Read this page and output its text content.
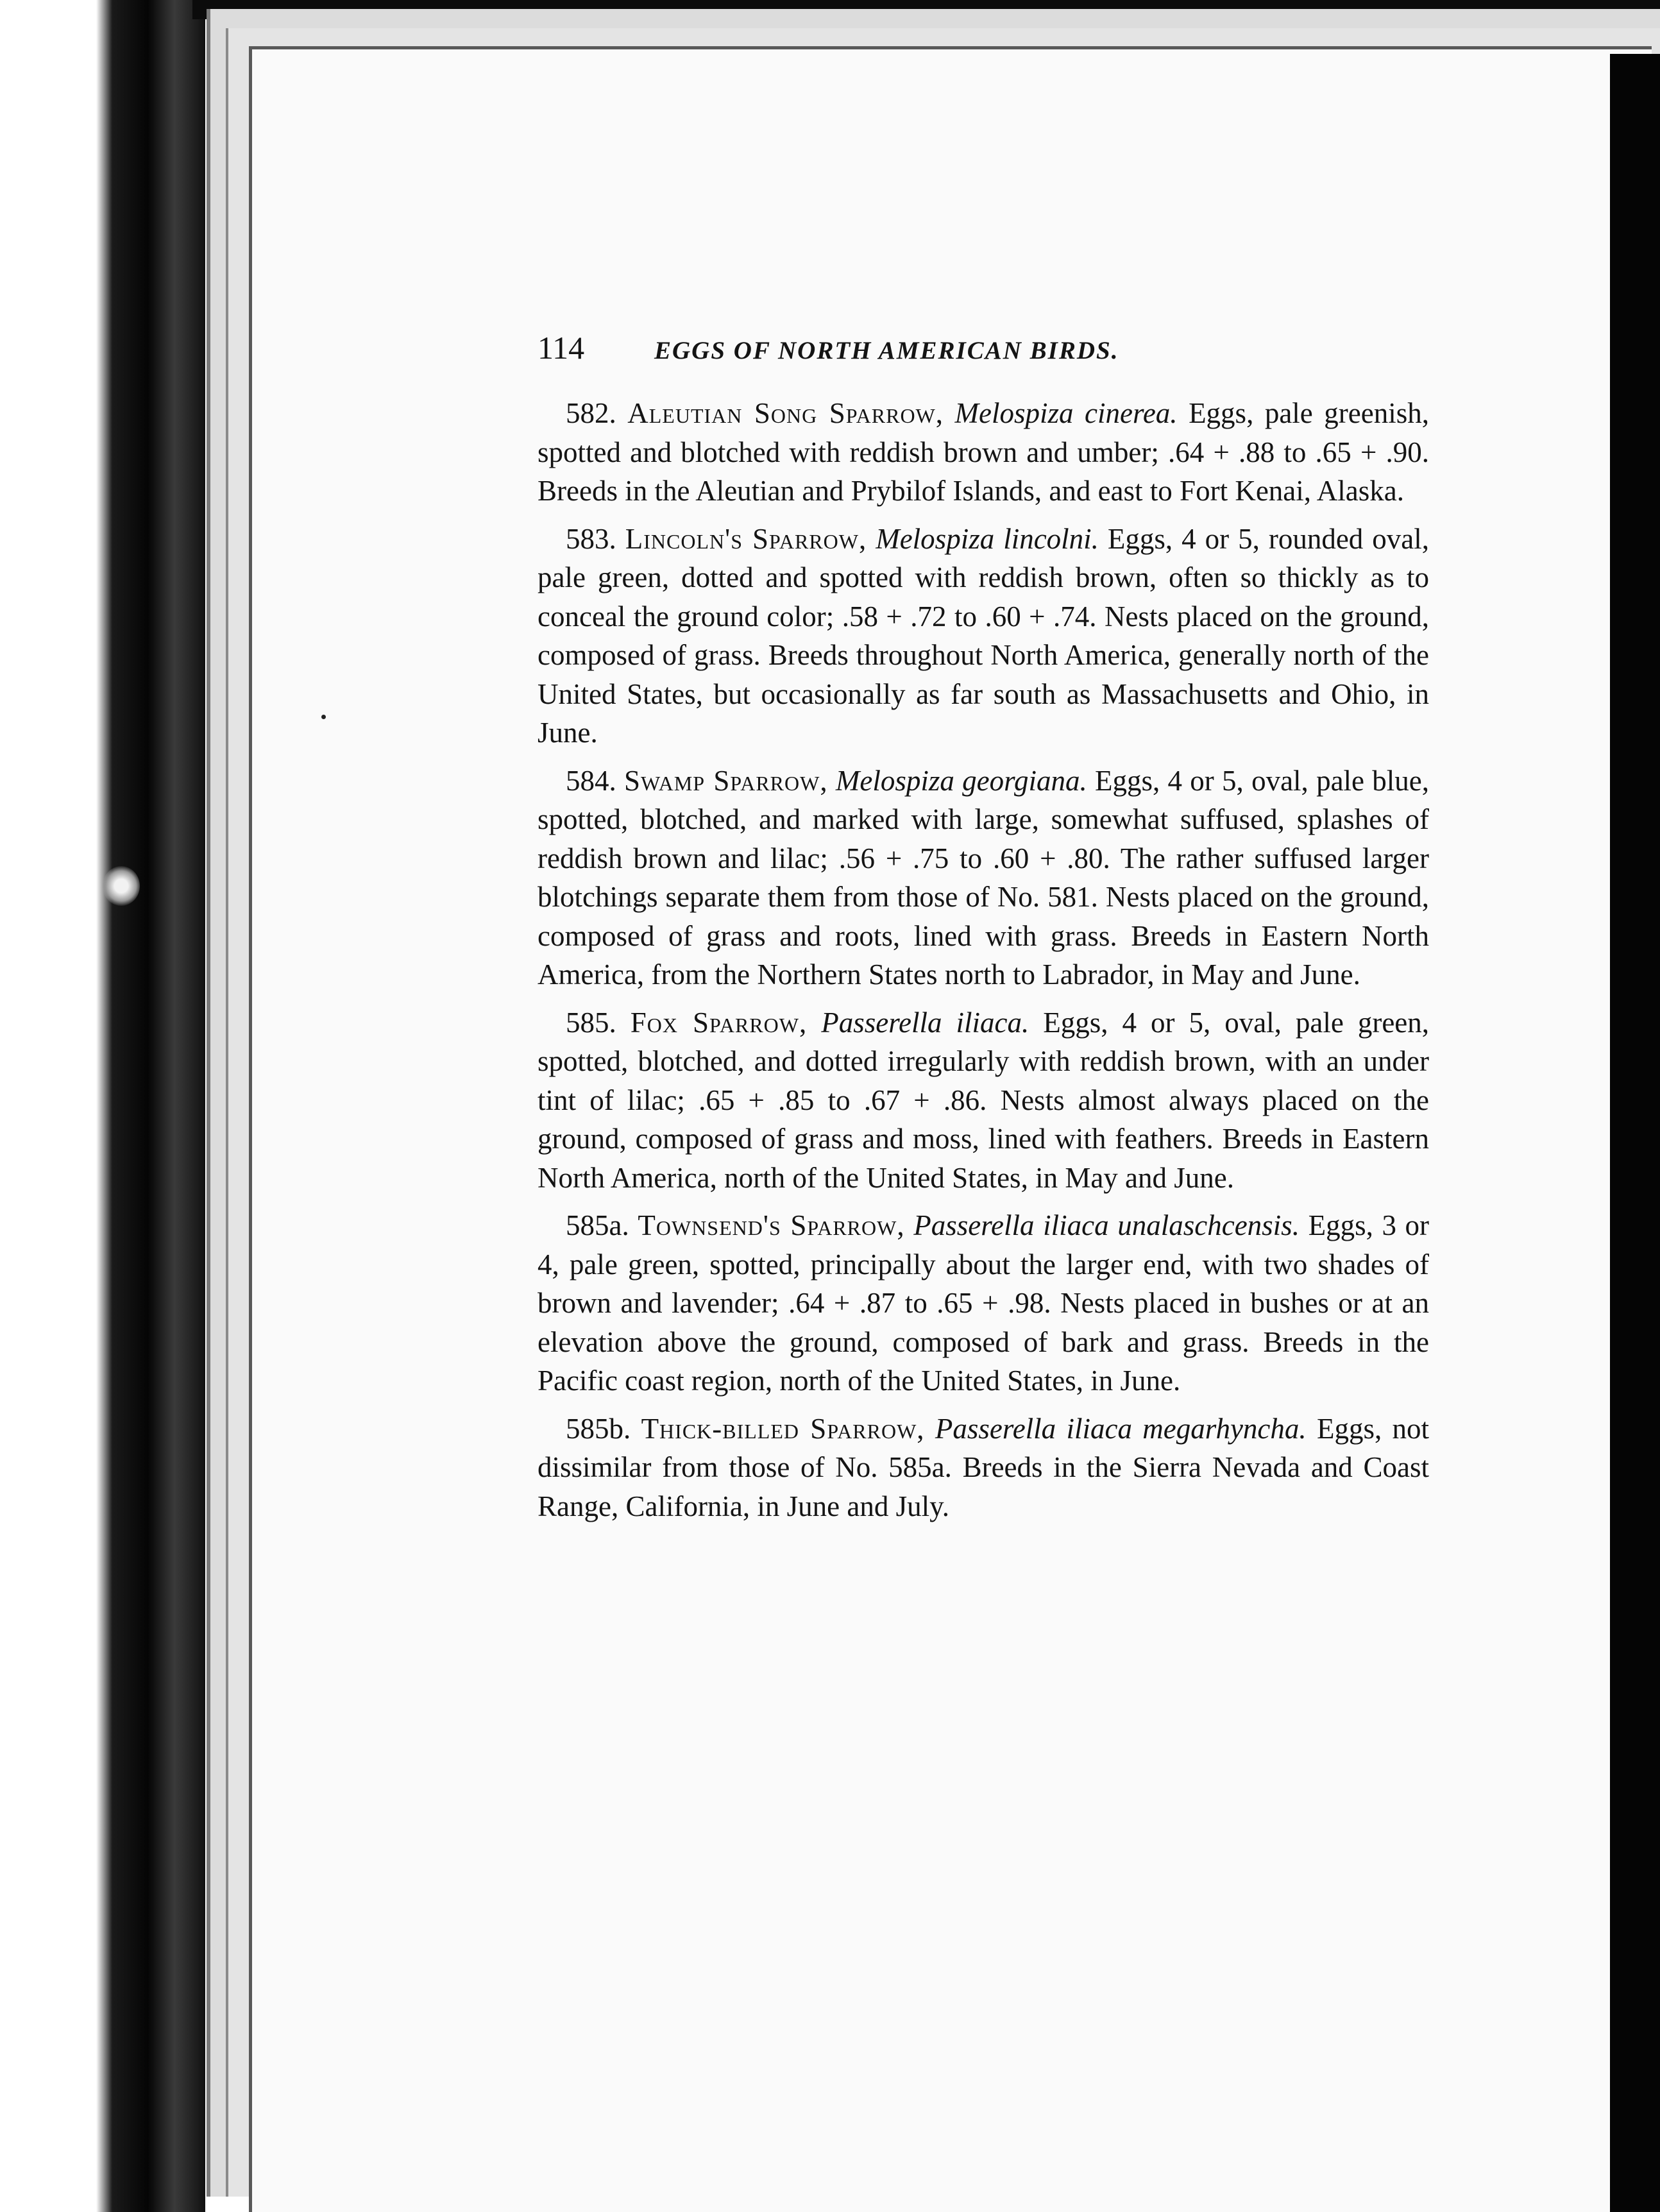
114	EGGS OF NORTH AMERICAN BIRDS.

582. Aleutian Song Sparrow, Melospiza cinerea. Eggs, pale greenish, spotted and blotched with reddish brown and umber; .64 + .88 to .65 + .90. Breeds in the Aleutian and Prybilof Islands, and east to Fort Kenai, Alaska.

583. Lincoln's Sparrow, Melospiza lincolni. Eggs, 4 or 5, rounded oval, pale green, dotted and spotted with reddish brown, often so thickly as to conceal the ground color; .58 + .72 to .60 + .74. Nests placed on the ground, composed of grass. Breeds throughout North America, generally north of the United States, but occasionally as far south as Massachusetts and Ohio, in June.

584. Swamp Sparrow, Melospiza georgiana. Eggs, 4 or 5, oval, pale blue, spotted, blotched, and marked with large, somewhat suffused, splashes of reddish brown and lilac; .56 + .75 to .60 + .80. The rather suffused larger blotchings separate them from those of No. 581. Nests placed on the ground, composed of grass and roots, lined with grass. Breeds in Eastern North America, from the Northern States north to Labrador, in May and June.

585. Fox Sparrow, Passerella iliaca. Eggs, 4 or 5, oval, pale green, spotted, blotched, and dotted irregularly with reddish brown, with an under tint of lilac; .65 + .85 to .67 + .86. Nests almost always placed on the ground, composed of grass and moss, lined with feathers. Breeds in Eastern North America, north of the United States, in May and June.

585a. Townsend's Sparrow, Passerella iliaca unalaschcensis. Eggs, 3 or 4, pale green, spotted, principally about the larger end, with two shades of brown and lavender; .64 + .87 to .65 + .98. Nests placed in bushes or at an elevation above the ground, composed of bark and grass. Breeds in the Pacific coast region, north of the United States, in June.

585b. Thick-billed Sparrow, Passerella iliaca megarhyncha. Eggs, not dissimilar from those of No. 585a. Breeds in the Sierra Nevada and Coast Range, California, in June and July.
